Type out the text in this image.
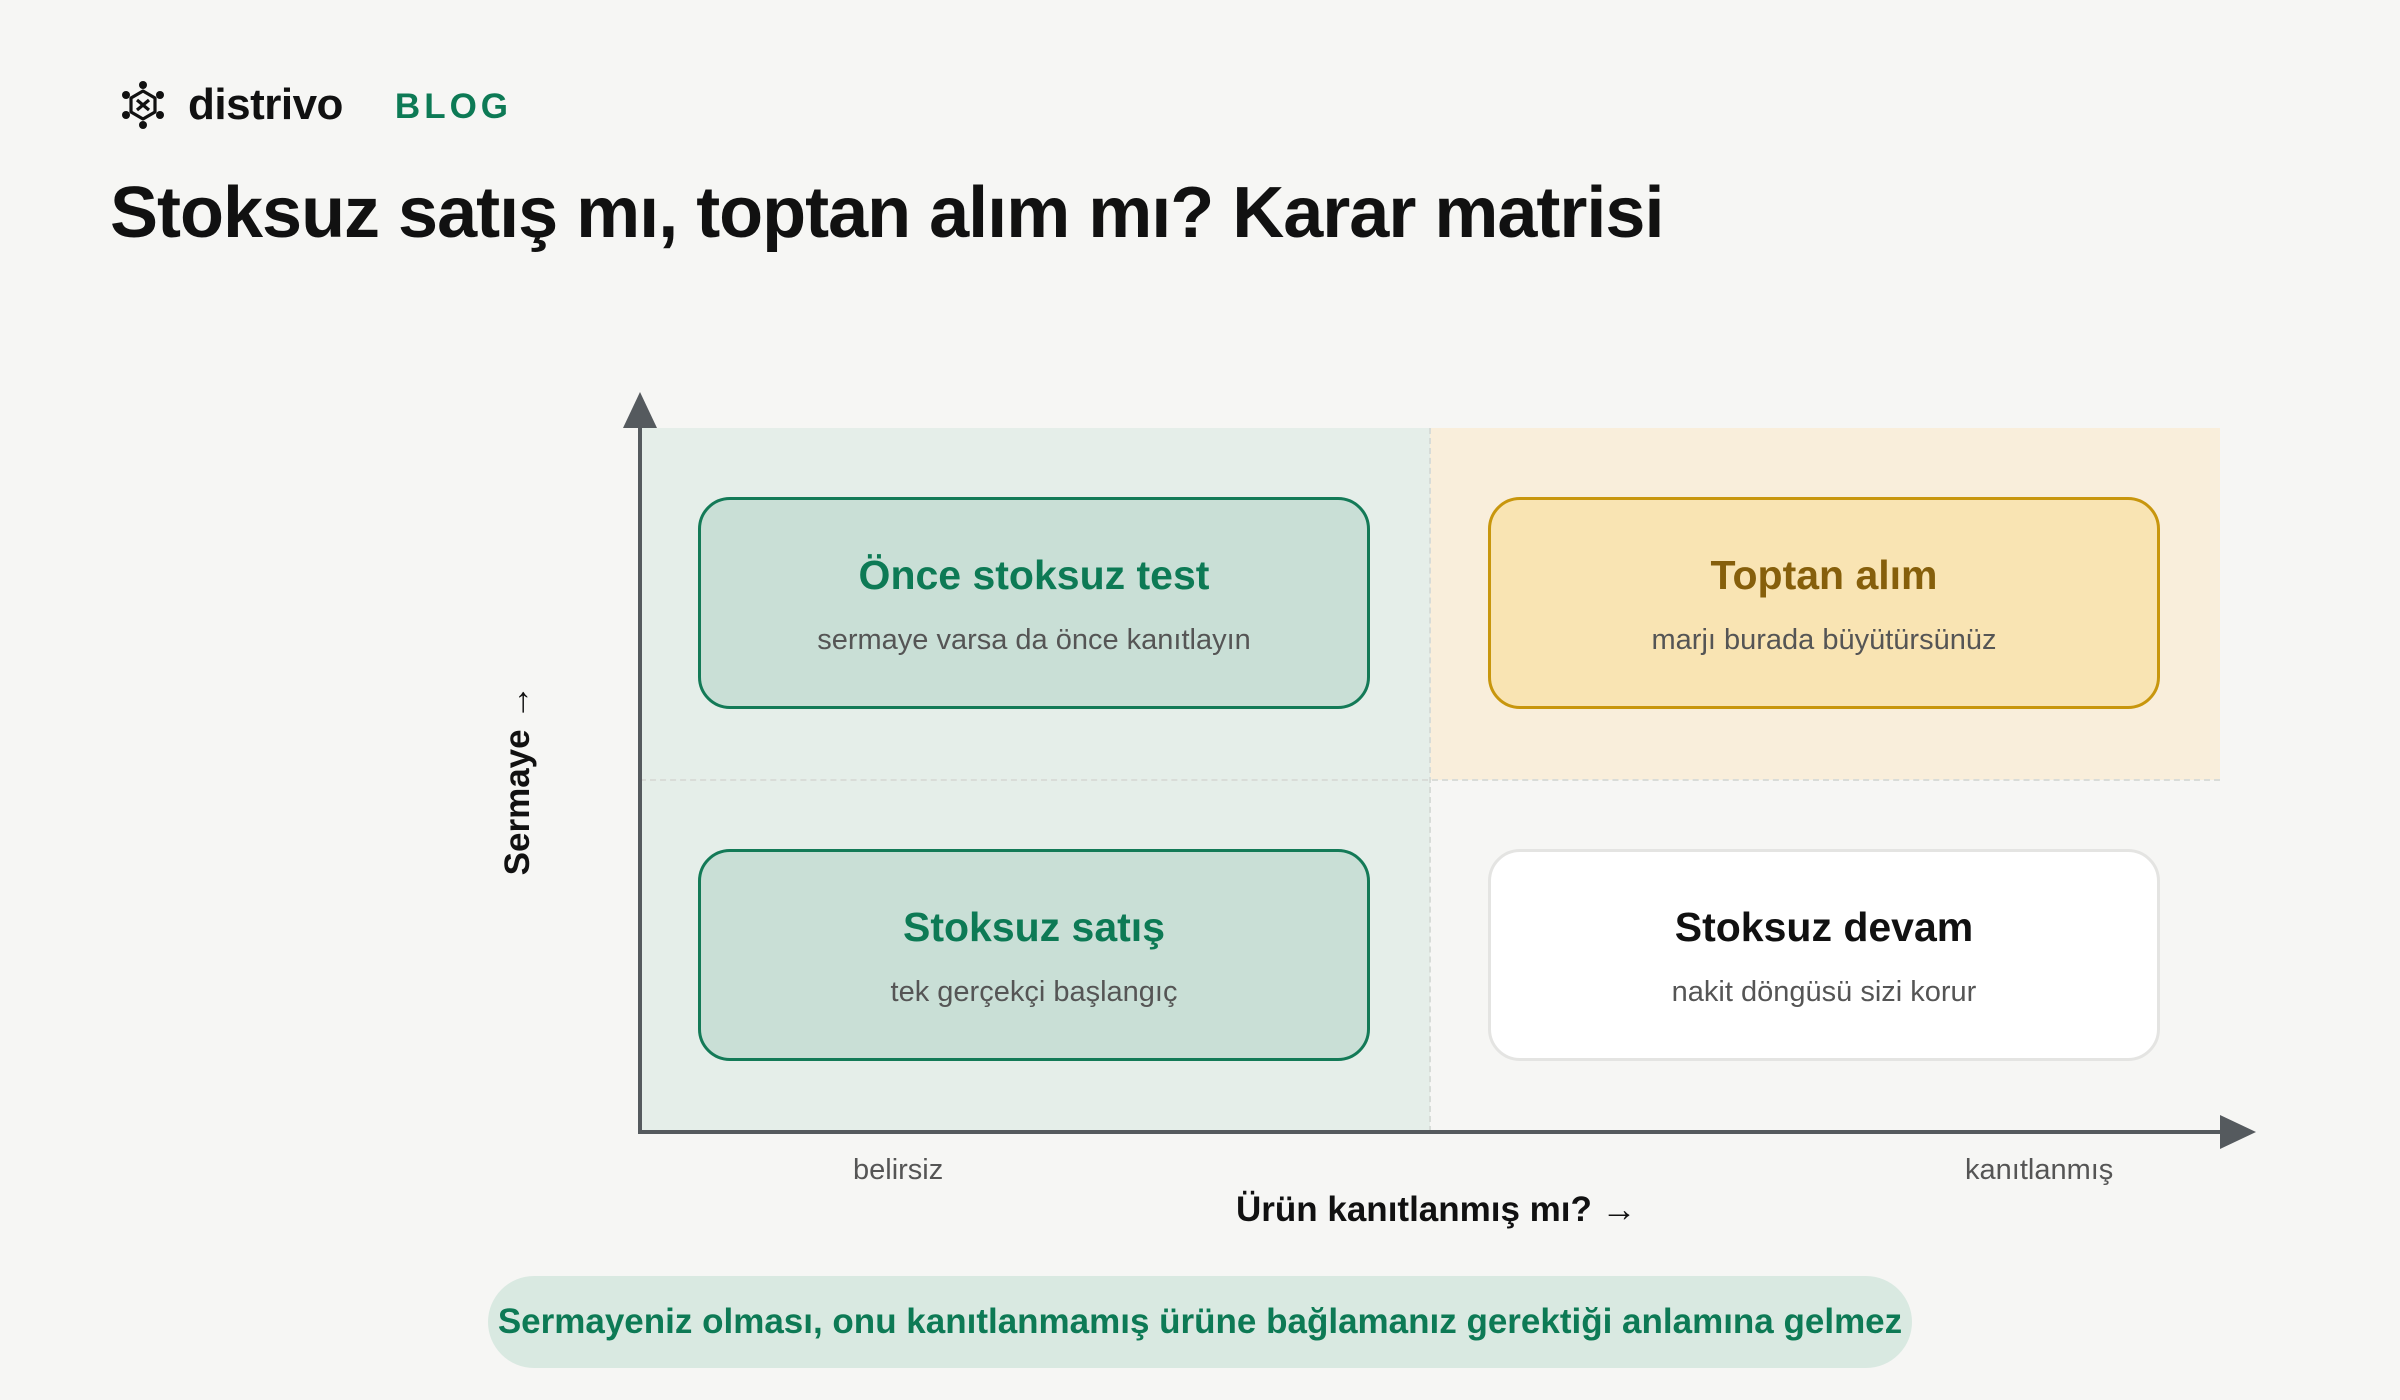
distrivo BLOG
Stoksuz satış mı, toptan alım mı? Karar matrisi
Önce stoksuz test
sermaye varsa da önce kanıtlayın
Toptan alım
marjı burada büyütürsünüz
Stoksuz satış
tek gerçekçi başlangıç
Stoksuz devam
nakit döngüsü sizi korur
belirsiz	kanıtlanmış
Ürün kanıtlanmış mı? →
Sermaye →
Sermayeniz olması, onu kanıtlanmamış ürüne bağlamanız gerektiği anlamına gelmez
